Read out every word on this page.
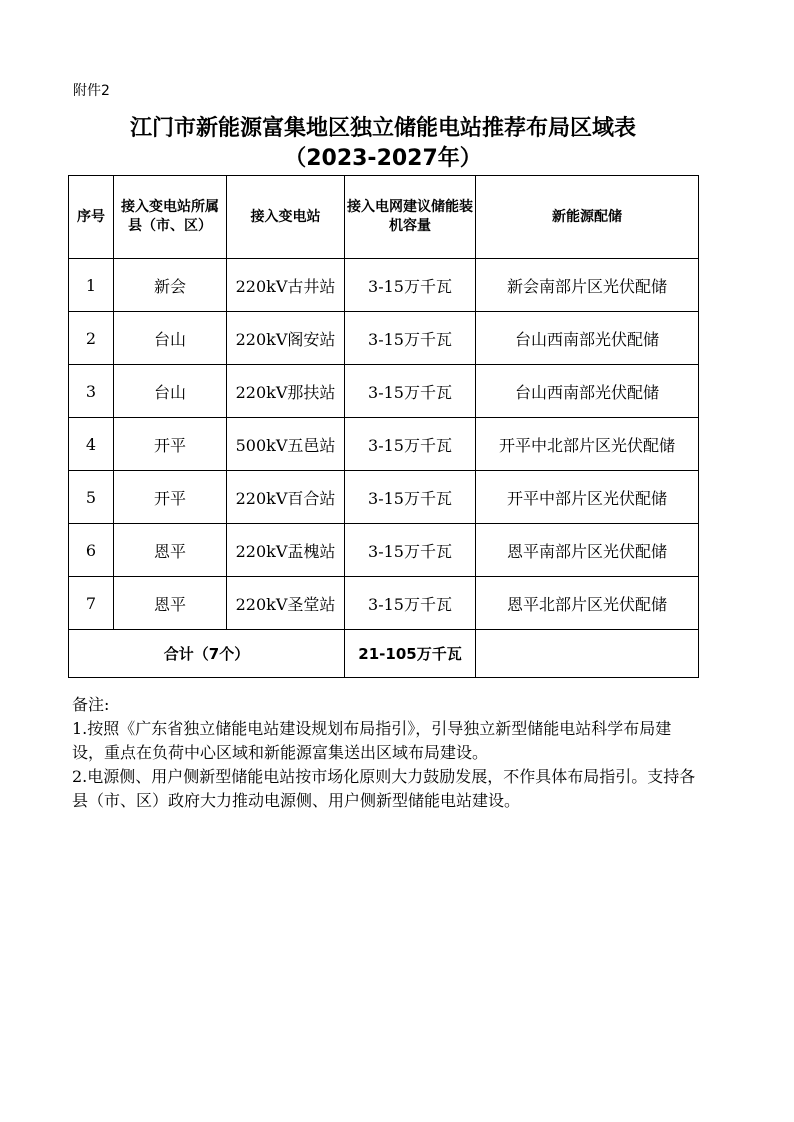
附件2
江门市新能源富集地区独立储能电站推荐布局区域表
（2023-2027年）
序号	接入变电站所属县（市、区）	接入变电站	接入电网建议储能装机容量	新能源配储
1	新会	220kV古井站	3-15万千瓦	新会南部片区光伏配储
2	台山	220kV阁安站	3-15万千瓦	台山西南部光伏配储
3	台山	220kV那扶站	3-15万千瓦	台山西南部光伏配储
4	开平	500kV五邑站	3-15万千瓦	开平中北部片区光伏配储
5	开平	220kV百合站	3-15万千瓦	开平中部片区光伏配储
6	恩平	220kV盂槐站	3-15万千瓦	恩平南部片区光伏配储
7	恩平	220kV圣堂站	3-15万千瓦	恩平北部片区光伏配储
合计（7个）			21-105万千瓦	

备注:

1.按照《广东省独立储能电站建设规划布局指引》，引导独立新型储能电站科学布局建设，重点在负荷中心区域和新能源富集送出区域布局建设。

2.电源侧、用户侧新型储能电站按市场化原则大力鼓励发展，不作具体布局指引。支持各县（市、区）政府大力推动电源侧、用户侧新型储能电站建设。
